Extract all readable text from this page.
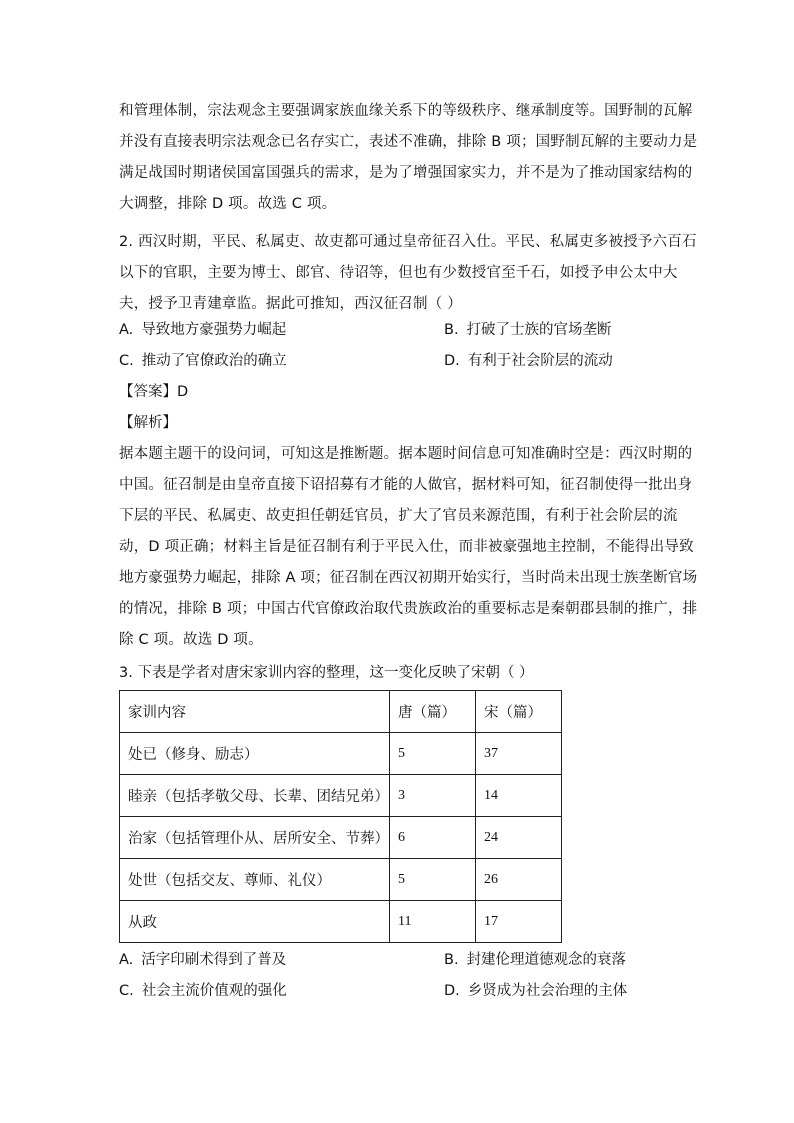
和管理体制，宗法观念主要强调家族血缘关系下的等级秩序、继承制度等。国野制的瓦解
并没有直接表明宗法观念已名存实亡，表述不准确，排除 B 项；国野制瓦解的主要动力是
满足战国时期诸侯国富国强兵的需求，是为了增强国家实力，并不是为了推动国家结构的
大调整，排除 D 项。故选 C 项。
2. 西汉时期，平民、私属吏、故吏都可通过皇帝征召入仕。平民、私属吏多被授予六百石
以下的官职，主要为博士、郎官、待诏等，但也有少数授官至千石，如授予申公太中大
夫，授予卫青建章监。据此可推知，西汉征召制（ ）
A. 导致地方豪强势力崛起	B. 打破了士族的官场垄断
C. 推动了官僚政治的确立	D. 有利于社会阶层的流动
【答案】D
【解析】
据本题主题干的设问词，可知这是推断题。据本题时间信息可知准确时空是：西汉时期的
中国。征召制是由皇帝直接下诏招募有才能的人做官，据材料可知，征召制使得一批出身
下层的平民、私属吏、故吏担任朝廷官员，扩大了官员来源范围，有利于社会阶层的流
动，D 项正确；材料主旨是征召制有利于平民入仕，而非被豪强地主控制，不能得出导致
地方豪强势力崛起，排除 A 项；征召制在西汉初期开始实行，当时尚未出现士族垄断官场
的情况，排除 B 项；中国古代官僚政治取代贵族政治的重要标志是秦朝郡县制的推广，排
除 C 项。故选 D 项。
3. 下表是学者对唐宋家训内容的整理，这一变化反映了宋朝（ ）
家训内容	唐（篇）	宋（篇）
处已（修身、励志）	5	37
睦亲（包括孝敬父母、长辈、团结兄弟）	3	14
治家（包括管理仆从、居所安全、节葬）	6	24
处世（包括交友、尊师、礼仪）	5	26
从政	11	17
A. 活字印刷术得到了普及	B. 封建伦理道德观念的衰落
C. 社会主流价值观的强化	D. 乡贤成为社会治理的主体
